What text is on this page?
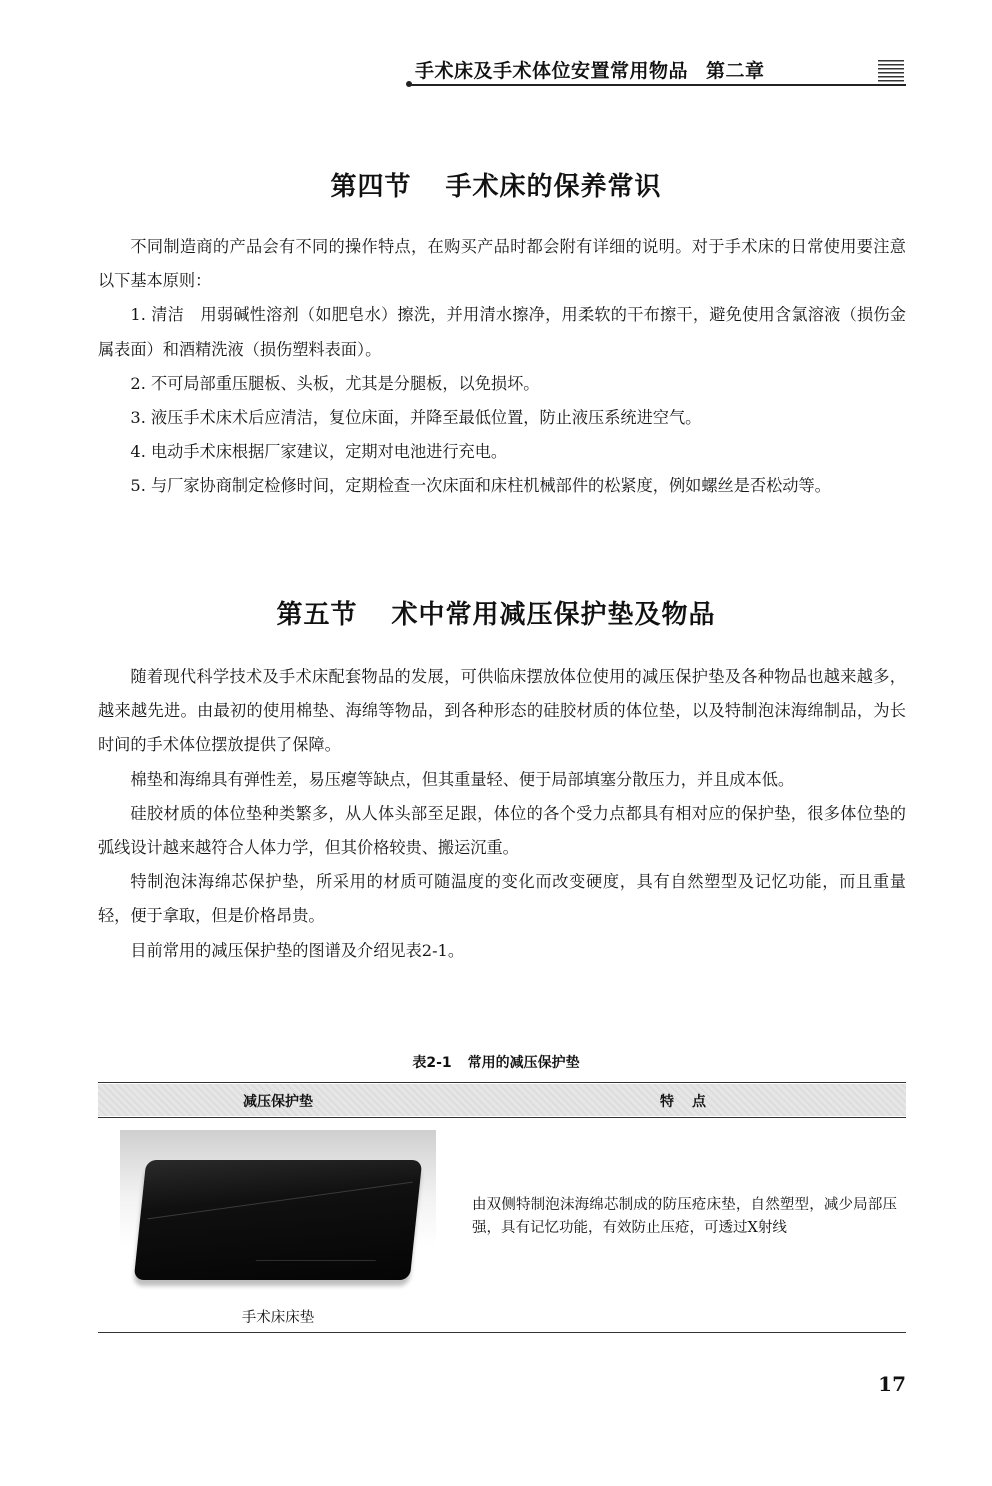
手术床及手术体位安置常用物品 第二章
第四节 手术床的保养常识

不同制造商的产品会有不同的操作特点，在购买产品时都会附有详细的说明。对于手术床的日常使用要注意以下基本原则：

1. 清洁　用弱碱性溶剂（如肥皂水）擦洗，并用清水擦净，用柔软的干布擦干，避免使用含氯溶液（损伤金属表面）和酒精洗液（损伤塑料表面）。

2. 不可局部重压腿板、头板，尤其是分腿板，以免损坏。

3. 液压手术床术后应清洁，复位床面，并降至最低位置，防止液压系统进空气。

4. 电动手术床根据厂家建议，定期对电池进行充电。

5. 与厂家协商制定检修时间，定期检查一次床面和床柱机械部件的松紧度，例如螺丝是否松动等。

第五节 术中常用减压保护垫及物品

随着现代科学技术及手术床配套物品的发展，可供临床摆放体位使用的减压保护垫及各种物品也越来越多，越来越先进。由最初的使用棉垫、海绵等物品，到各种形态的硅胶材质的体位垫，以及特制泡沫海绵制品，为长时间的手术体位摆放提供了保障。

棉垫和海绵具有弹性差，易压瘪等缺点，但其重量轻、便于局部填塞分散压力，并且成本低。

硅胶材质的体位垫种类繁多，从人体头部至足跟，体位的各个受力点都具有相对应的保护垫，很多体位垫的弧线设计越来越符合人体力学，但其价格较贵、搬运沉重。

特制泡沫海绵芯保护垫，所采用的材质可随温度的变化而改变硬度，具有自然塑型及记忆功能，而且重量轻，便于拿取，但是价格昂贵。

目前常用的减压保护垫的图谱及介绍见表2-1。

表2-1 常用的减压保护垫
减压保护垫	特点
手术床床垫
由双侧特制泡沫海绵芯制成的防压疮床垫，自然塑型，减少局部压强，具有记忆功能，有效防止压疮，可透过X射线
17
